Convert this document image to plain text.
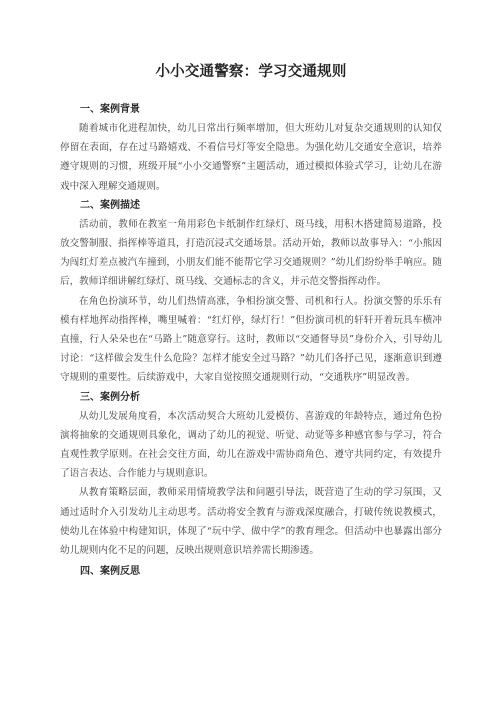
小小交通警察：学习交通规则
一、案例背景

随着城市化进程加快，幼儿日常出行频率增加，但大班幼儿对复杂交通规则的认知仅停留在表面，存在过马路嬉戏、不看信号灯等安全隐患。为强化幼儿交通安全意识，培养遵守规则的习惯，班级开展“小小交通警察”主题活动，通过模拟体验式学习，让幼儿在游戏中深入理解交通规则。

二、案例描述

活动前，教师在教室一角用彩色卡纸制作红绿灯、斑马线，用积木搭建简易道路，投放交警制服、指挥棒等道具，打造沉浸式交通场景。活动开始，教师以故事导入：“小熊因为闯红灯差点被汽车撞到，小朋友们能不能帮它学习交通规则？”幼儿们纷纷举手响应。随后，教师详细讲解红绿灯、斑马线、交通标志的含义，并示范交警指挥动作。

在角色扮演环节，幼儿们热情高涨，争相扮演交警、司机和行人。扮演交警的乐乐有模有样地挥动指挥棒，嘴里喊着：“红灯停，绿灯行！”但扮演司机的轩轩开着玩具车横冲直撞，行人朵朵也在“马路上”随意穿行。这时，教师以“交通督导员”身份介入，引导幼儿讨论：“这样做会发生什么危险？怎样才能安全过马路？”幼儿们各抒己见，逐渐意识到遵守规则的重要性。后续游戏中，大家自觉按照交通规则行动，“交通秩序”明显改善。

三、案例分析

从幼儿发展角度看，本次活动契合大班幼儿爱模仿、喜游戏的年龄特点，通过角色扮演将抽象的交通规则具象化，调动了幼儿的视觉、听觉、动觉等多种感官参与学习，符合直观性教学原则。在社会交往方面，幼儿在游戏中需协商角色、遵守共同约定，有效提升了语言表达、合作能力与规则意识。

从教育策略层面，教师采用情境教学法和问题引导法，既营造了生动的学习氛围，又通过适时介入引发幼儿主动思考。活动将安全教育与游戏深度融合，打破传统说教模式，使幼儿在体验中构建知识，体现了“玩中学、做中学”的教育理念。但活动中也暴露出部分幼儿规则内化不足的问题，反映出规则意识培养需长期渗透。

四、案例反思
